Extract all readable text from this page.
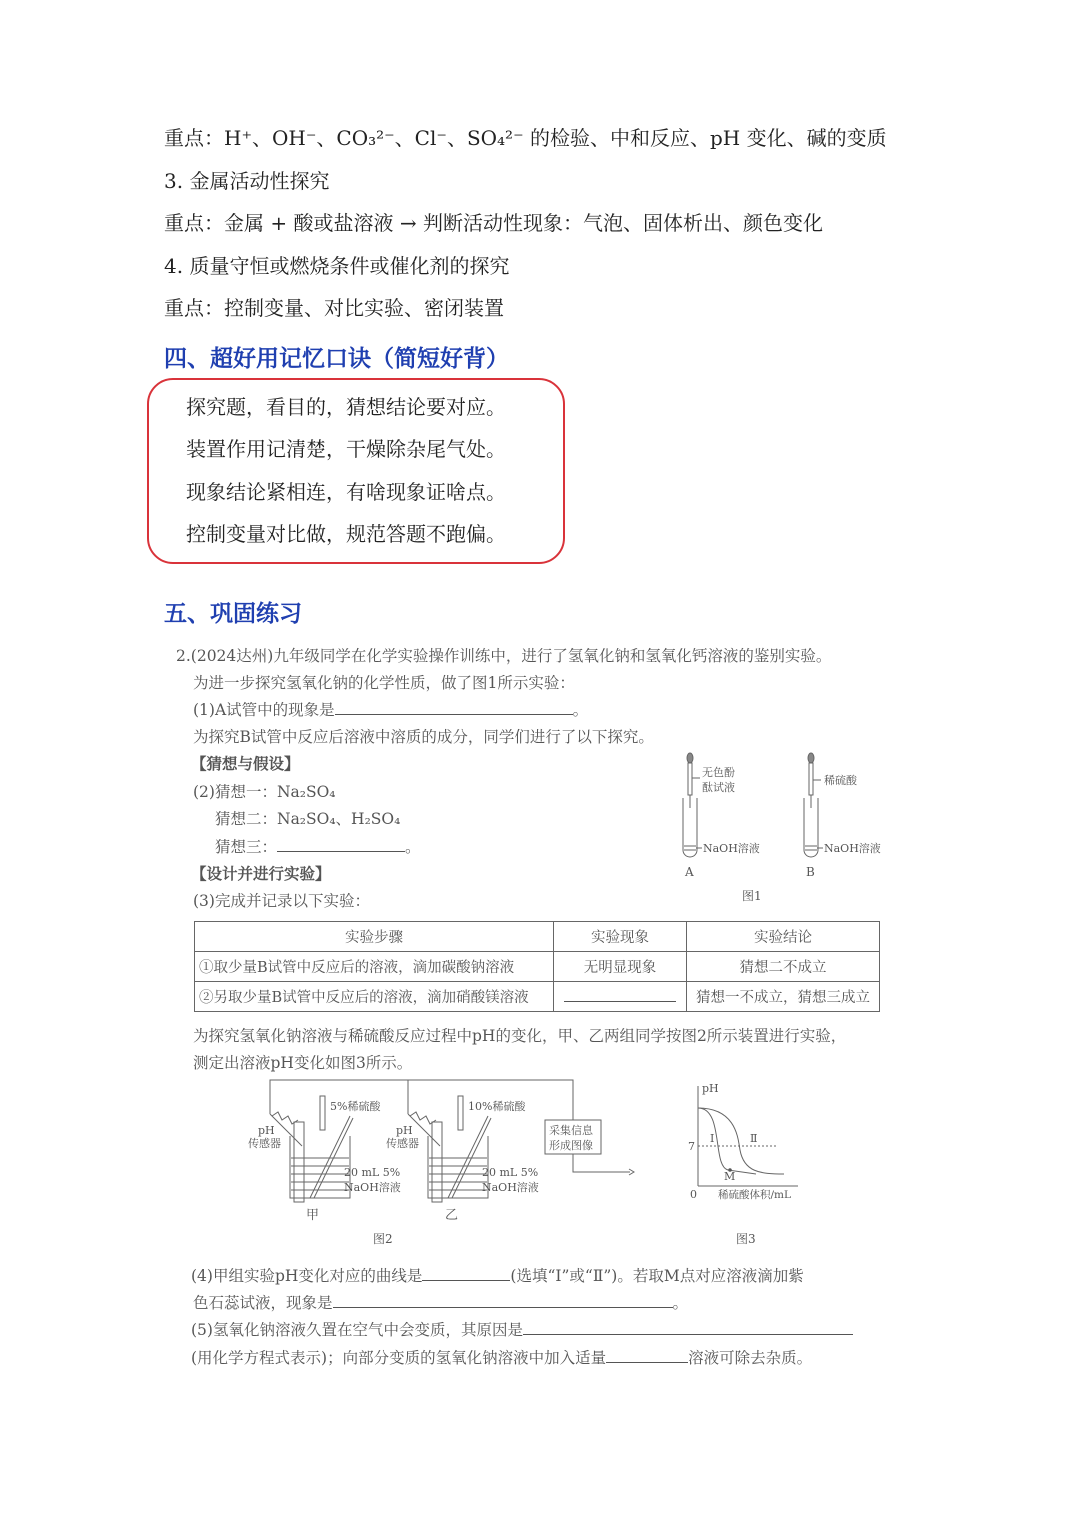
重点：H⁺、OH⁻、CO₃²⁻、Cl⁻、SO₄²⁻ 的检验、中和反应、pH 变化、碱的变质
3. 金属活动性探究
重点：金属 + 酸或盐溶液 → 判断活动性现象：气泡、固体析出、颜色变化
4. 质量守恒或燃烧条件或催化剂的探究
重点：控制变量、对比实验、密闭装置
四、超好用记忆口诀（简短好背）
探究题，看目的，猜想结论要对应。
装置作用记清楚，干燥除杂尾气处。
现象结论紧相连，有啥现象证啥点。
控制变量对比做，规范答题不跑偏。
五、巩固练习
2.(2024达州)九年级同学在化学实验操作训练中，进行了氢氧化钠和氢氧化钙溶液的鉴别实验。
为进一步探究氢氧化钠的化学性质，做了图1所示实验：
(1)A试管中的现象是	。
为探究B试管中反应后溶液中溶质的成分，同学们进行了以下探究。
【猜想与假设】
(2)猜想一：Na₂SO₄
猜想二：Na₂SO₄、H₂SO₄
猜想三：	。
【设计并进行实验】
(3)完成并记录以下实验：
无色酚
酞试液
NaOH溶液
A
稀硫酸
NaOH溶液
B
图1
实验步骤	实验现象	实验结论
①取少量B试管中反应后的溶液，滴加碳酸钠溶液	无明显现象	猜想二不成立
②另取少量B试管中反应后的溶液，滴加硝酸镁溶液		猜想一不成立，猜想三成立
为探究氢氧化钠溶液与稀硫酸反应过程中pH的变化，甲、乙两组同学按图2所示装置进行实验，
测定出溶液pH变化如图3所示。
5%稀硫酸
pH
传感器
20 mL 5%
NaOH溶液
甲
10%稀硫酸
pH
传感器
20 mL 5%
NaOH溶液
乙
采集信息
形成图像
图2
pH
7
Ⅰ	Ⅱ
M
0 稀硫酸体积/mL
图3
(4)甲组实验pH变化对应的曲线是	(选填“Ⅰ”或“Ⅱ”)。若取M点对应溶液滴加紫
色石蕊试液，现象是	。
(5)氢氧化钠溶液久置在空气中会变质，其原因是
(用化学方程式表示)；向部分变质的氢氧化钠溶液中加入适量	溶液可除去杂质。
